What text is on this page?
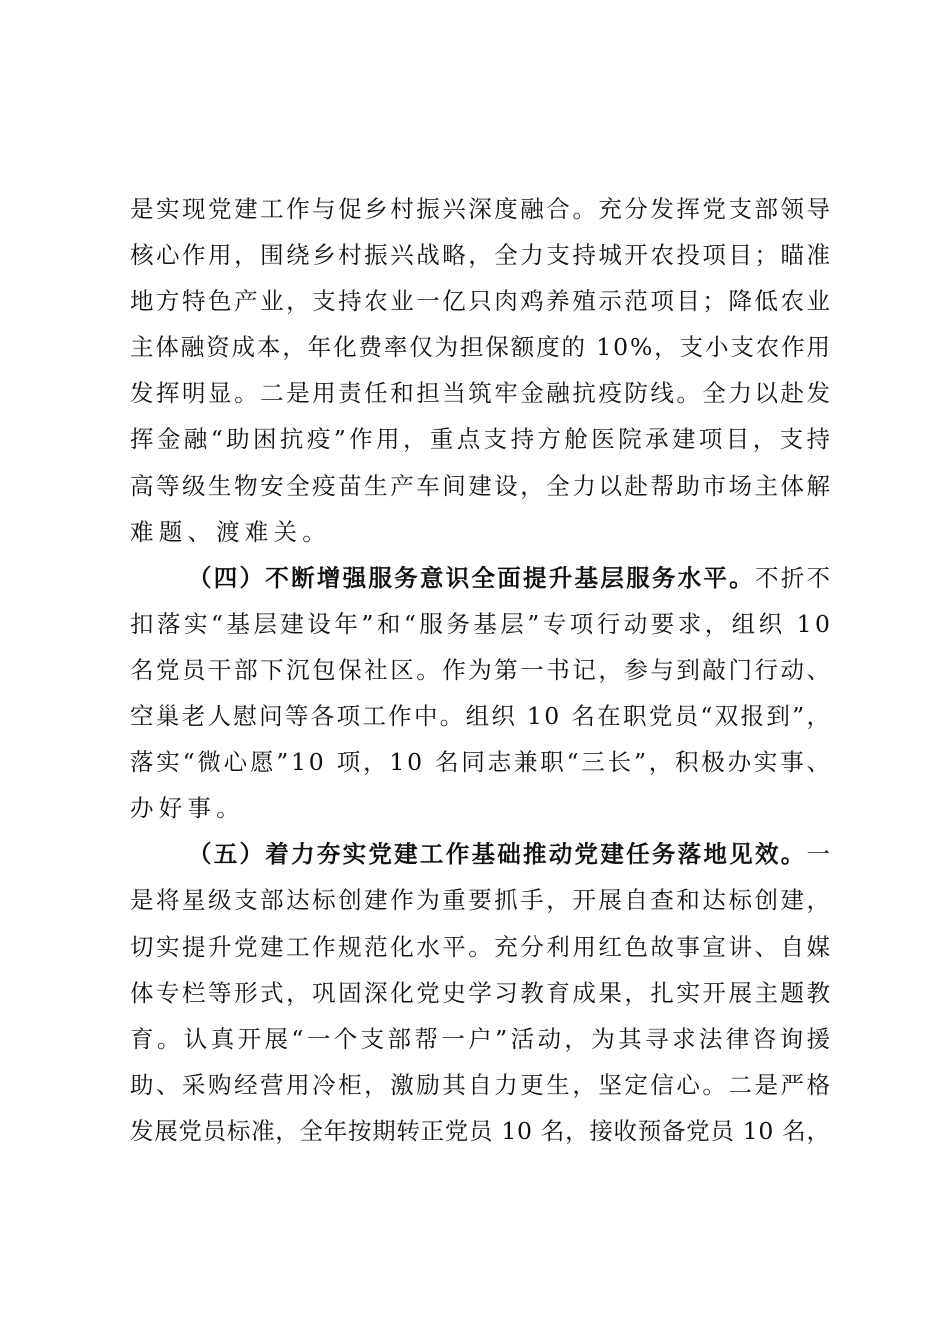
是实现党建工作与促乡村振兴深度融合。充分发挥党支部领导
核心作用，围绕乡村振兴战略，全力支持城开农投项目；瞄准
地方特色产业，支持农业一亿只肉鸡养殖示范项目；降低农业
主体融资成本，年化费率仅为担保额度的 10%，支小支农作用
发挥明显。二是用责任和担当筑牢金融抗疫防线。全力以赴发
挥金融“助困抗疫”作用，重点支持方舱医院承建项目，支持
高等级生物安全疫苗生产车间建设，全力以赴帮助市场主体解
难题、渡难关。
（四）不断增强服务意识全面提升基层服务水平。不折不
扣落实“基层建设年”和“服务基层”专项行动要求，组织 10
名党员干部下沉包保社区。作为第一书记，参与到敲门行动、
空巢老人慰问等各项工作中。组织 10 名在职党员“双报到”，
落实“微心愿”10 项，10 名同志兼职“三长”，积极办实事、
办好事。
（五）着力夯实党建工作基础推动党建任务落地见效。一
是将星级支部达标创建作为重要抓手，开展自查和达标创建，
切实提升党建工作规范化水平。充分利用红色故事宣讲、自媒
体专栏等形式，巩固深化党史学习教育成果，扎实开展主题教
育。认真开展“一个支部帮一户”活动，为其寻求法律咨询援
助、采购经营用冷柜，激励其自力更生，坚定信心。二是严格
发展党员标准，全年按期转正党员 10 名，接收预备党员 10 名，
